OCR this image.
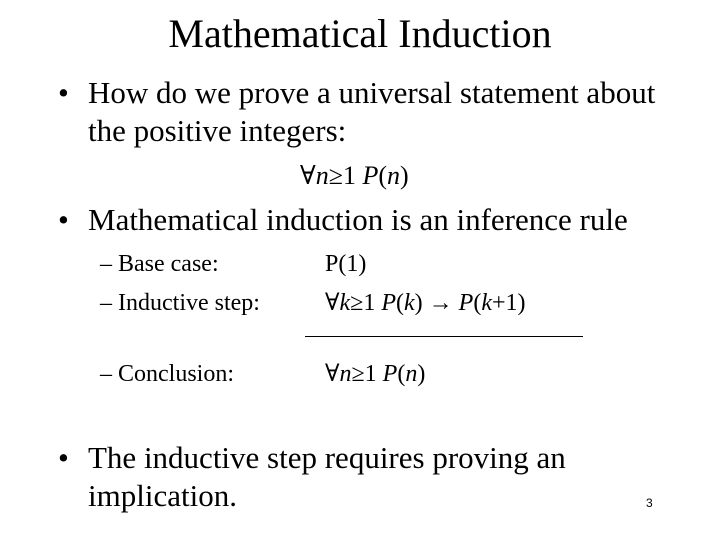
Mathematical Induction
• How do we prove a universal statement about
the positive integers:
∀n≥1 P(n)
• Mathematical induction is an inference rule
– Base case:	P(1)
– Inductive step:	∀k≥1 P(k) → P(k+1)
– Conclusion:	∀n≥1 P(n)
• The inductive step requires proving an
implication.	3
